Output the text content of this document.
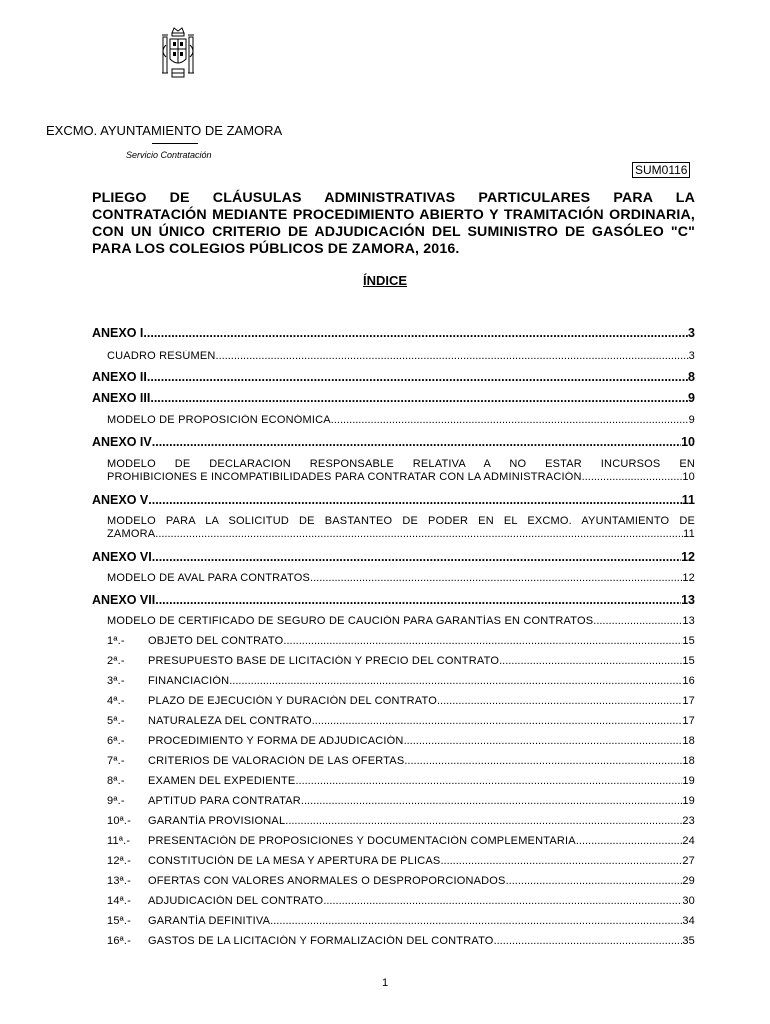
EXCMO. AYUNTAMIENTO DE ZAMORA
Servicio Contratación
SUM0116
PLIEGO DE CLÁUSULAS ADMINISTRATIVAS PARTICULARES PARA LA CONTRATACIÓN MEDIANTE PROCEDIMIENTO ABIERTO Y TRAMITACIÓN ORDINARIA, CON UN ÚNICO CRITERIO DE ADJUDICACIÓN DEL SUMINISTRO DE GASÓLEO "C" PARA LOS COLEGIOS PÚBLICOS DE ZAMORA, 2016.
ÍNDICE
ANEXO I .....	3
CUADRO RESÚMEN .....	3
ANEXO II .....	8
ANEXO III .....	9
MODELO DE PROPOSICIÓN ECONÓMICA .....	9
ANEXO IV .....	10
MODELO DE DECLARACION RESPONSABLE RELATIVA A NO ESTAR INCURSOS EN
PROHIBICIONES E INCOMPATIBILIDADES PARA CONTRATAR CON LA ADMINISTRACIÓN .....	10
ANEXO V .....	11
MODELO PARA LA SOLICITUD DE BASTANTEO DE PODER EN EL EXCMO. AYUNTAMIENTO DE
ZAMORA .....	11
ANEXO VI .....	12
MODELO DE AVAL PARA CONTRATOS .....	12
ANEXO VII .....	13
MODELO DE CERTIFICADO DE SEGURO DE CAUCIÓN PARA GARANTÍAS EN CONTRATOS .....	13
1ª.- OBJETO DEL CONTRATO .....	15
2ª.- PRESUPUESTO BASE DE LICITACIÓN Y PRECIO DEL CONTRATO .....	15
3ª.- FINANCIACIÓN .....	16
4ª.- PLAZO DE EJECUCIÓN Y DURACIÓN DEL CONTRATO .....	17
5ª.- NATURALEZA DEL CONTRATO .....	17
6ª.- PROCEDIMIENTO Y FORMA DE ADJUDICACIÓN .....	18
7ª.- CRITERIOS DE VALORACIÓN DE LAS OFERTAS .....	18
8ª.- EXAMEN DEL EXPEDIENTE .....	19
9ª.- APTITUD PARA CONTRATAR .....	19
10ª.- GARANTÍA PROVISIONAL .....	23
11ª.- PRESENTACIÓN DE PROPOSICIONES Y DOCUMENTACIÓN COMPLEMENTARIA .....	24
12ª.- CONSTITUCIÓN DE LA MESA Y APERTURA DE PLICAS .....	27
13ª.- OFERTAS CON VALORES ANORMALES O DESPROPORCIONADOS .....	29
14ª.- ADJUDICACIÓN DEL CONTRATO .....	30
15ª.- GARANTÍA DEFINITIVA .....	34
16ª.- GASTOS DE LA LICITACIÓN Y FORMALIZACIÓN DEL CONTRATO .....	35
1
